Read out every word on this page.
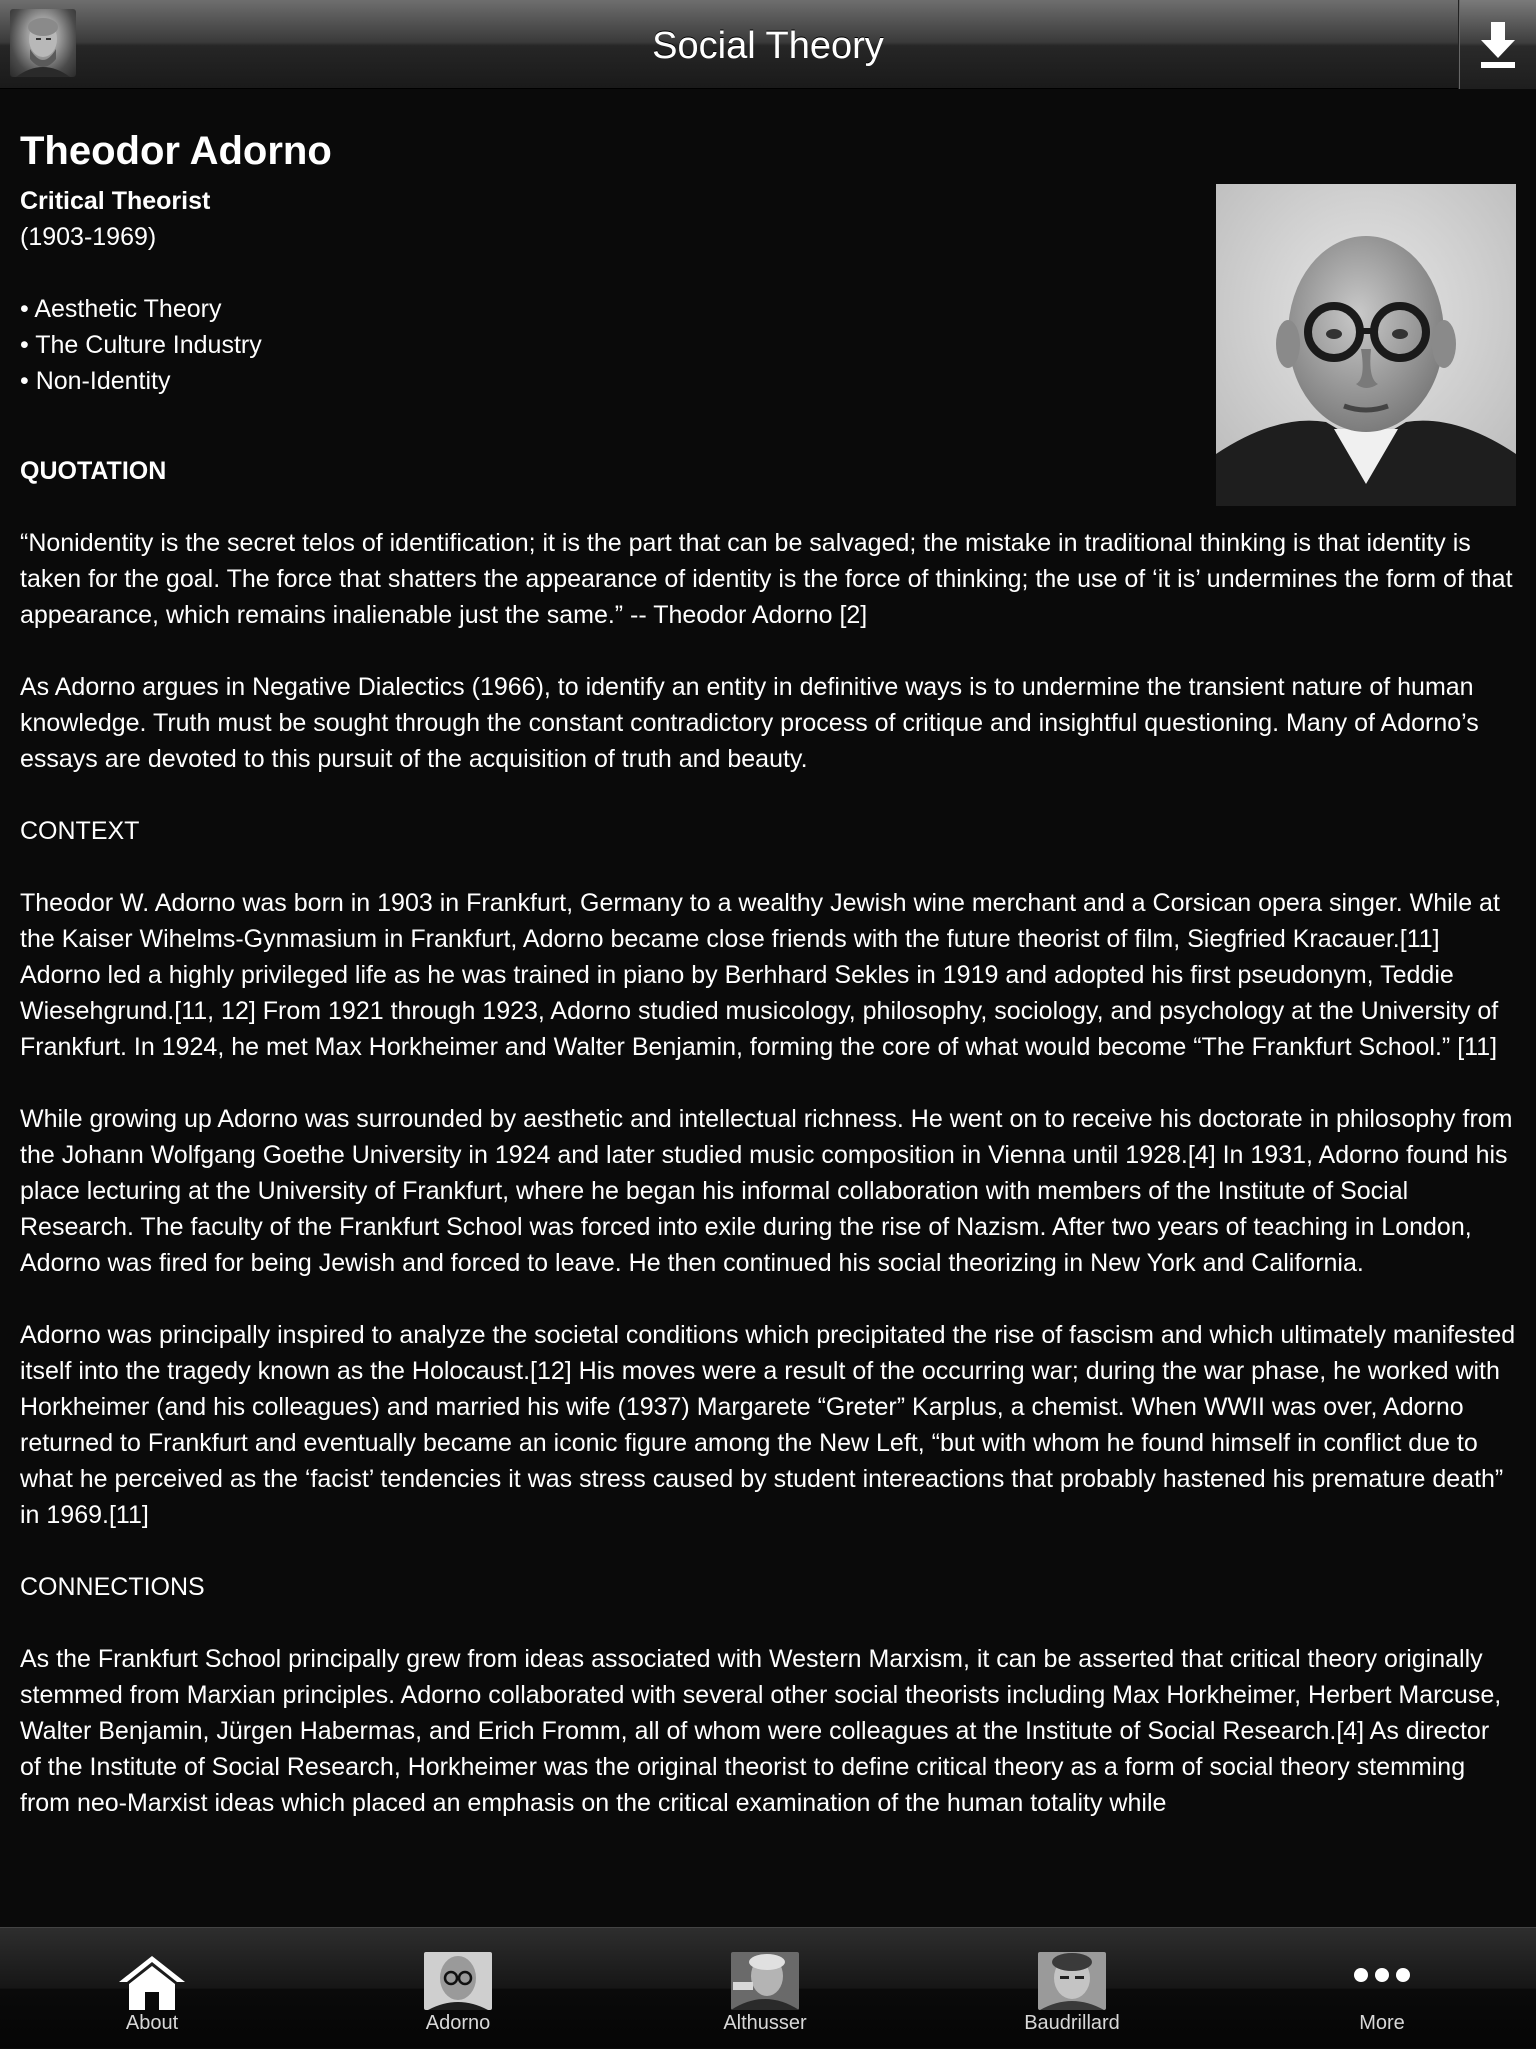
Social Theory
Theodor Adorno
Critical Theorist
(1903-1969)
• Aesthetic Theory
• The Culture Industry
• Non-Identity
QUOTATION

“Nonidentity is the secret telos of identification; it is the part that can be salvaged; the mistake in traditional thinking is that identity is taken for the goal. The force that shatters the appearance of identity is the force of thinking; the use of ‘it is’ undermines the form of that appearance, which remains inalienable just the same.” -- Theodor Adorno [2]

As Adorno argues in Negative Dialectics (1966), to identify an entity in definitive ways is to undermine the transient nature of human knowledge. Truth must be sought through the constant contradictory process of critique and insightful questioning. Many of Adorno’s essays are devoted to this pursuit of the acquisition of truth and beauty.

CONTEXT

Theodor W. Adorno was born in 1903 in Frankfurt, Germany to a wealthy Jewish wine merchant and a Corsican opera singer. While at the Kaiser Wihelms-Gynmasium in Frankfurt, Adorno became close friends with the future theorist of film, Siegfried Kracauer.[11] Adorno led a highly privileged life as he was trained in piano by Berhhard Sekles in 1919 and adopted his first pseudonym, Teddie Wiesehgrund.[11, 12] From 1921 through 1923, Adorno studied musicology, philosophy, sociology, and psychology at the University of Frankfurt. In 1924, he met Max Horkheimer and Walter Benjamin, forming the core of what would become “The Frankfurt School.” [11]

While growing up Adorno was surrounded by aesthetic and intellectual richness. He went on to receive his doctorate in philosophy from the Johann Wolfgang Goethe University in 1924 and later studied music composition in Vienna until 1928.[4] In 1931, Adorno found his place lecturing at the University of Frankfurt, where he began his informal collaboration with members of the Institute of Social Research. The faculty of the Frankfurt School was forced into exile during the rise of Nazism. After two years of teaching in London, Adorno was fired for being Jewish and forced to leave. He then continued his social theorizing in New York and California.

Adorno was principally inspired to analyze the societal conditions which precipitated the rise of fascism and which ultimately manifested itself into the tragedy known as the Holocaust.[12] His moves were a result of the occurring war; during the war phase, he worked with Horkheimer (and his colleagues) and married his wife (1937) Margarete “Greter” Karplus, a chemist. When WWII was over, Adorno returned to Frankfurt and eventually became an iconic figure among the New Left, “but with whom he found himself in conflict due to what he perceived as the ‘facist’ tendencies it was stress caused by student intereactions that probably hastened his premature death” in 1969.[11]

CONNECTIONS

As the Frankfurt School principally grew from ideas associated with Western Marxism, it can be asserted that critical theory originally stemmed from Marxian principles. Adorno collaborated with several other social theorists including Max Horkheimer, Herbert Marcuse, Walter Benjamin, Jürgen Habermas, and Erich Fromm, all of whom were colleagues at the Institute of Social Research.[4] As director of the Institute of Social Research, Horkheimer was the original theorist to define critical theory as a form of social theory stemming from neo-Marxist ideas which placed an emphasis on the critical examination of the human totality while

About	Adorno	Althusser	Baudrillard	More
